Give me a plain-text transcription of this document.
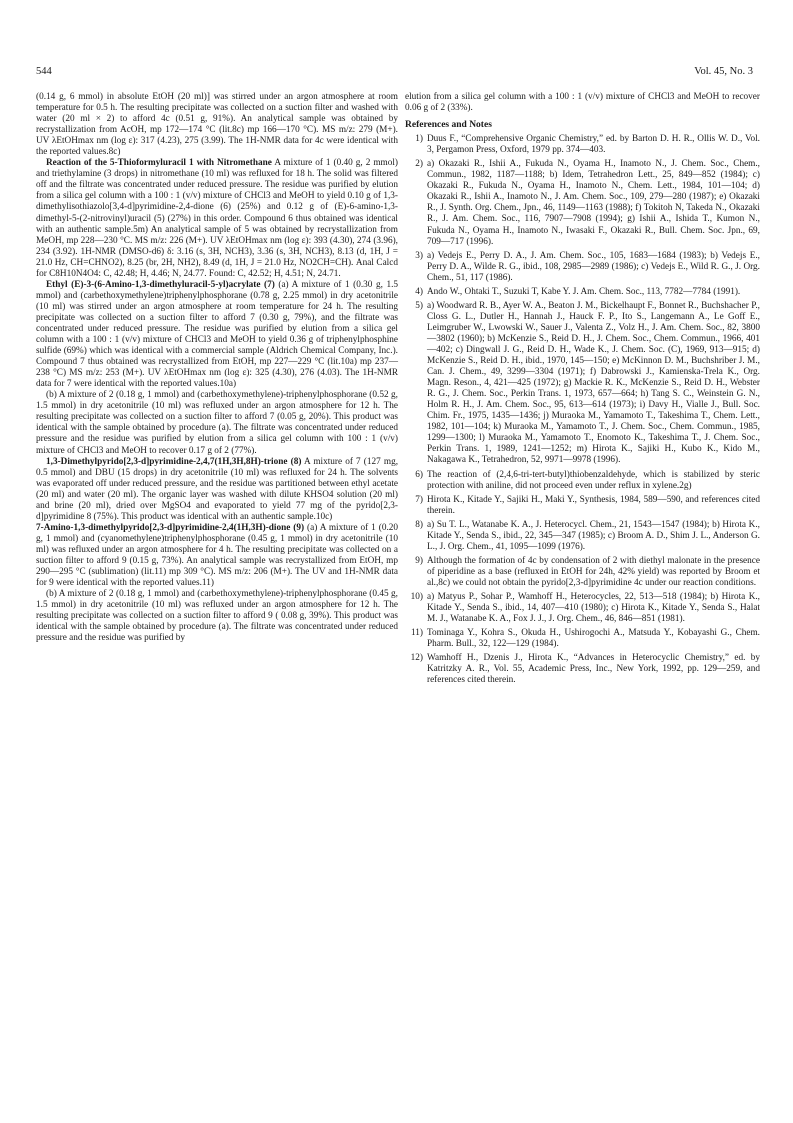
544	Vol. 45, No. 3

(0.14 g, 6 mmol) in absolute EtOH (20 ml)] was stirred under an argon atmosphere at room temperature for 0.5 h. The resulting precipitate was collected on a suction filter and washed with water (20 ml × 2) to afford 4c (0.51 g, 91%). An analytical sample was obtained by recrystallization from AcOH, mp 172—174 °C (lit.8c) mp 166—170 °C). MS m/z: 279 (M+). UV λEtOHmax nm (log ε): 317 (4.23), 275 (3.99). The 1H-NMR data for 4c were identical with the reported values.8c)

Reaction of the 5-Thioformyluracil 1 with Nitromethane A mixture of 1 (0.40 g, 2 mmol) and triethylamine (3 drops) in nitromethane (10 ml) was refluxed for 18 h. The solid was filtered off and the filtrate was concentrated under reduced pressure. The residue was purified by elution from a silica gel column with a 100 : 1 (v/v) mixture of CHCl3 and MeOH to yield 0.10 g of 1,3-dimethylisothiazolo[3,4-d]pyrimidine-2,4-dione (6) (25%) and 0.12 g of (E)-6-amino-1,3-dimethyl-5-(2-nitrovinyl)uracil (5) (27%) in this order. Compound 6 thus obtained was identical with an authentic sample.5m) An analytical sample of 5 was obtained by recrystallization from MeOH, mp 228—230 °C. MS m/z: 226 (M+). UV λEtOHmax nm (log ε): 393 (4.30), 274 (3.96), 234 (3.92). 1H-NMR (DMSO-d6) δ: 3.16 (s, 3H, NCH3), 3.36 (s, 3H, NCH3), 8.13 (d, 1H, J = 21.0 Hz, CH=CHNO2), 8.25 (br, 2H, NH2), 8.49 (d, 1H, J = 21.0 Hz, NO2CH=CH). Anal Calcd for C8H10N4O4: C, 42.48; H, 4.46; N, 24.77. Found: C, 42.52; H, 4.51; N, 24.71.

Ethyl (E)-3-(6-Amino-1,3-dimethyluracil-5-yl)acrylate (7) (a) A mixture of 1 (0.30 g, 1.5 mmol) and (carbethoxymethylene)triphenylphosphorane (0.78 g, 2.25 mmol) in dry acetonitrile (10 ml) was stirred under an argon atmosphere at room temperature for 24 h. The resulting precipitate was collected on a suction filter to afford 7 (0.30 g, 79%), and the filtrate was concentrated under reduced pressure. The residue was purified by elution from a silica gel column with a 100 : 1 (v/v) mixture of CHCl3 and MeOH to yield 0.36 g of triphenylphosphine sulfide (69%) which was identical with a commercial sample (Aldrich Chemical Company, Inc.). Compound 7 thus obtained was recrystallized from EtOH, mp 227—229 °C (lit.10a) mp 237—238 °C) MS m/z: 253 (M+). UV λEtOHmax nm (log ε): 325 (4.30), 276 (4.03). The 1H-NMR data for 7 were identical with the reported values.10a)

(b) A mixture of 2 (0.18 g, 1 mmol) and (carbethoxymethylene)-triphenylphosphorane (0.52 g, 1.5 mmol) in dry acetonitrile (10 ml) was refluxed under an argon atmosphere for 12 h. The resulting precipitate was collected on a suction filter to afford 7 (0.05 g, 20%). This product was identical with the sample obtained by procedure (a). The filtrate was concentrated under reduced pressure and the residue was purified by elution from a silica gel column with 100 : 1 (v/v) mixture of CHCl3 and MeOH to recover 0.17 g of 2 (77%).

1,3-Dimethylpyrido[2,3-d]pyrimidine-2,4,7(1H,3H,8H)-trione (8) A mixture of 7 (127 mg, 0.5 mmol) and DBU (15 drops) in dry acetonitrile (10 ml) was refluxed for 24 h. The solvents was evaporated off under reduced pressure, and the residue was partitioned between ethyl acetate (20 ml) and water (20 ml). The organic layer was washed with dilute KHSO4 solution (20 ml) and brine (20 ml), dried over MgSO4 and evaporated to yield 77 mg of the pyrido[2,3-d]pyrimidine 8 (75%). This product was identical with an authentic sample.10c)

7-Amino-1,3-dimethylpyrido[2,3-d]pyrimidine-2,4(1H,3H)-dione (9) (a) A mixture of 1 (0.20 g, 1 mmol) and (cyanomethylene)triphenylphosphorane (0.45 g, 1 mmol) in dry acetonitrile (10 ml) was refluxed under an argon atmosphere for 4 h. The resulting precipitate was collected on a suction filter to afford 9 (0.15 g, 73%). An analytical sample was recrystallized from EtOH, mp 290—295 °C (sublimation) (lit.11) mp 309 °C). MS m/z: 206 (M+). The UV and 1H-NMR data for 9 were identical with the reported values.11)

(b) A mixture of 2 (0.18 g, 1 mmol) and (carbethoxymethylene)-triphenylphosphorane (0.45 g, 1.5 mmol) in dry acetonitrile (10 ml) was refluxed under an argon atmosphere for 12 h. The resulting precipitate was collected on a suction filter to afford 9 ( 0.08 g, 39%). This product was identical with the sample obtained by procedure (a). The filtrate was concentrated under reduced pressure and the residue was purified by

elution from a silica gel column with a 100 : 1 (v/v) mixture of CHCl3 and MeOH to recover 0.06 g of 2 (33%).

References and Notes

1) Duus F., “Comprehensive Organic Chemistry,” ed. by Barton D. H. R., Ollis W. D., Vol. 3, Pergamon Press, Oxford, 1979 pp. 374—403.
2) a) Okazaki R., Ishii A., Fukuda N., Oyama H., Inamoto N., J. Chem. Soc., Chem., Commun., 1982, 1187—1188; b) Idem, Tetrahedron Lett., 25, 849—852 (1984); c) Okazaki R., Fukuda N., Oyama H., Inamoto N., Chem. Lett., 1984, 101—104; d) Okazaki R., Ishii A., Inamoto N., J. Am. Chem. Soc., 109, 279—280 (1987); e) Okazaki R., J. Synth. Org. Chem., Jpn., 46, 1149—1163 (1988); f) Tokitoh N, Takeda N., Okazaki R., J. Am. Chem. Soc., 116, 7907—7908 (1994); g) Ishii A., Ishida T., Kumon N., Fukuda N., Oyama H., Inamoto N., Iwasaki F., Okazaki R., Bull. Chem. Soc. Jpn., 69, 709—717 (1996).
3) a) Vedejs E., Perry D. A., J. Am. Chem. Soc., 105, 1683—1684 (1983); b) Vedejs E., Perry D. A., Wilde R. G., ibid., 108, 2985—2989 (1986); c) Vedejs E., Wild R. G., J. Org. Chem., 51, 117 (1986).
4) Ando W., Ohtaki T., Suzuki T, Kabe Y. J. Am. Chem. Soc., 113, 7782—7784 (1991).
5) a) Woodward R. B., Ayer W. A., Beaton J. M., Bickelhaupt F., Bonnet R., Buchshacher P., Closs G. L., Dutler H., Hannah J., Hauck F. P., Ito S., Langemann A., Le Goff E., Leimgruber W., Lwowski W., Sauer J., Valenta Z., Volz H., J. Am. Chem. Soc., 82, 3800—3802 (1960); b) McKenzie S., Reid D. H., J. Chem. Soc., Chem. Commun., 1966, 401—402; c) Dingwall J. G., Reid D. H., Wade K., J. Chem. Soc. (C), 1969, 913—915; d) McKenzie S., Reid D. H., ibid., 1970, 145—150; e) McKinnon D. M., Buchshriber J. M., Can. J. Chem., 49, 3299—3304 (1971); f) Dabrowski J., Kamienska-Trela K., Org. Magn. Reson., 4, 421—425 (1972); g) Mackie R. K., McKenzie S., Reid D. H., Webster R. G., J. Chem. Soc., Perkin Trans. 1, 1973, 657—664; h) Tang S. C., Weinstein G. N., Holm R. H., J. Am. Chem. Soc., 95, 613—614 (1973); i) Davy H., Vialle J., Bull. Soc. Chim. Fr., 1975, 1435—1436; j) Muraoka M., Yamamoto T., Takeshima T., Chem. Lett., 1982, 101—104; k) Muraoka M., Yamamoto T., J. Chem. Soc., Chem. Commun., 1985, 1299—1300; l) Muraoka M., Yamamoto T., Enomoto K., Takeshima T., J. Chem. Soc., Perkin Trans. 1, 1989, 1241—1252; m) Hirota K., Sajiki H., Kubo K., Kido M., Nakagawa K., Tetrahedron, 52, 9971—9978 (1996).
6) The reaction of (2,4,6-tri-tert-butyl)thiobenzaldehyde, which is stabilized by steric protection with aniline, did not proceed even under reflux in xylene.2g)
7) Hirota K., Kitade Y., Sajiki H., Maki Y., Synthesis, 1984, 589—590, and references cited therein.
8) a) Su T. L., Watanabe K. A., J. Heterocycl. Chem., 21, 1543—1547 (1984); b) Hirota K., Kitade Y., Senda S., ibid., 22, 345—347 (1985); c) Broom A. D., Shim J. L., Anderson G. L., J. Org. Chem., 41, 1095—1099 (1976).
9) Although the formation of 4c by condensation of 2 with diethyl malonate in the presence of piperidine as a base (refluxed in EtOH for 24h, 42% yield) was reported by Broom et al.,8c) we could not obtain the pyrido[2,3-d]pyrimidine 4c under our reaction conditions.
10) a) Matyus P., Sohar P., Wamhoff H., Heterocycles, 22, 513—518 (1984); b) Hirota K., Kitade Y., Senda S., ibid., 14, 407—410 (1980); c) Hirota K., Kitade Y., Senda S., Halat M. J., Watanabe K. A., Fox J. J., J. Org. Chem., 46, 846—851 (1981).
11) Tominaga Y., Kohra S., Okuda H., Ushirogochi A., Matsuda Y., Kobayashi G., Chem. Pharm. Bull., 32, 122—129 (1984).
12) Wamhoff H., Dzenis J., Hirota K., “Advances in Heterocyclic Chemistry,” ed. by Katritzky A. R., Vol. 55, Academic Press, Inc., New York, 1992, pp. 129—259, and references cited therein.
